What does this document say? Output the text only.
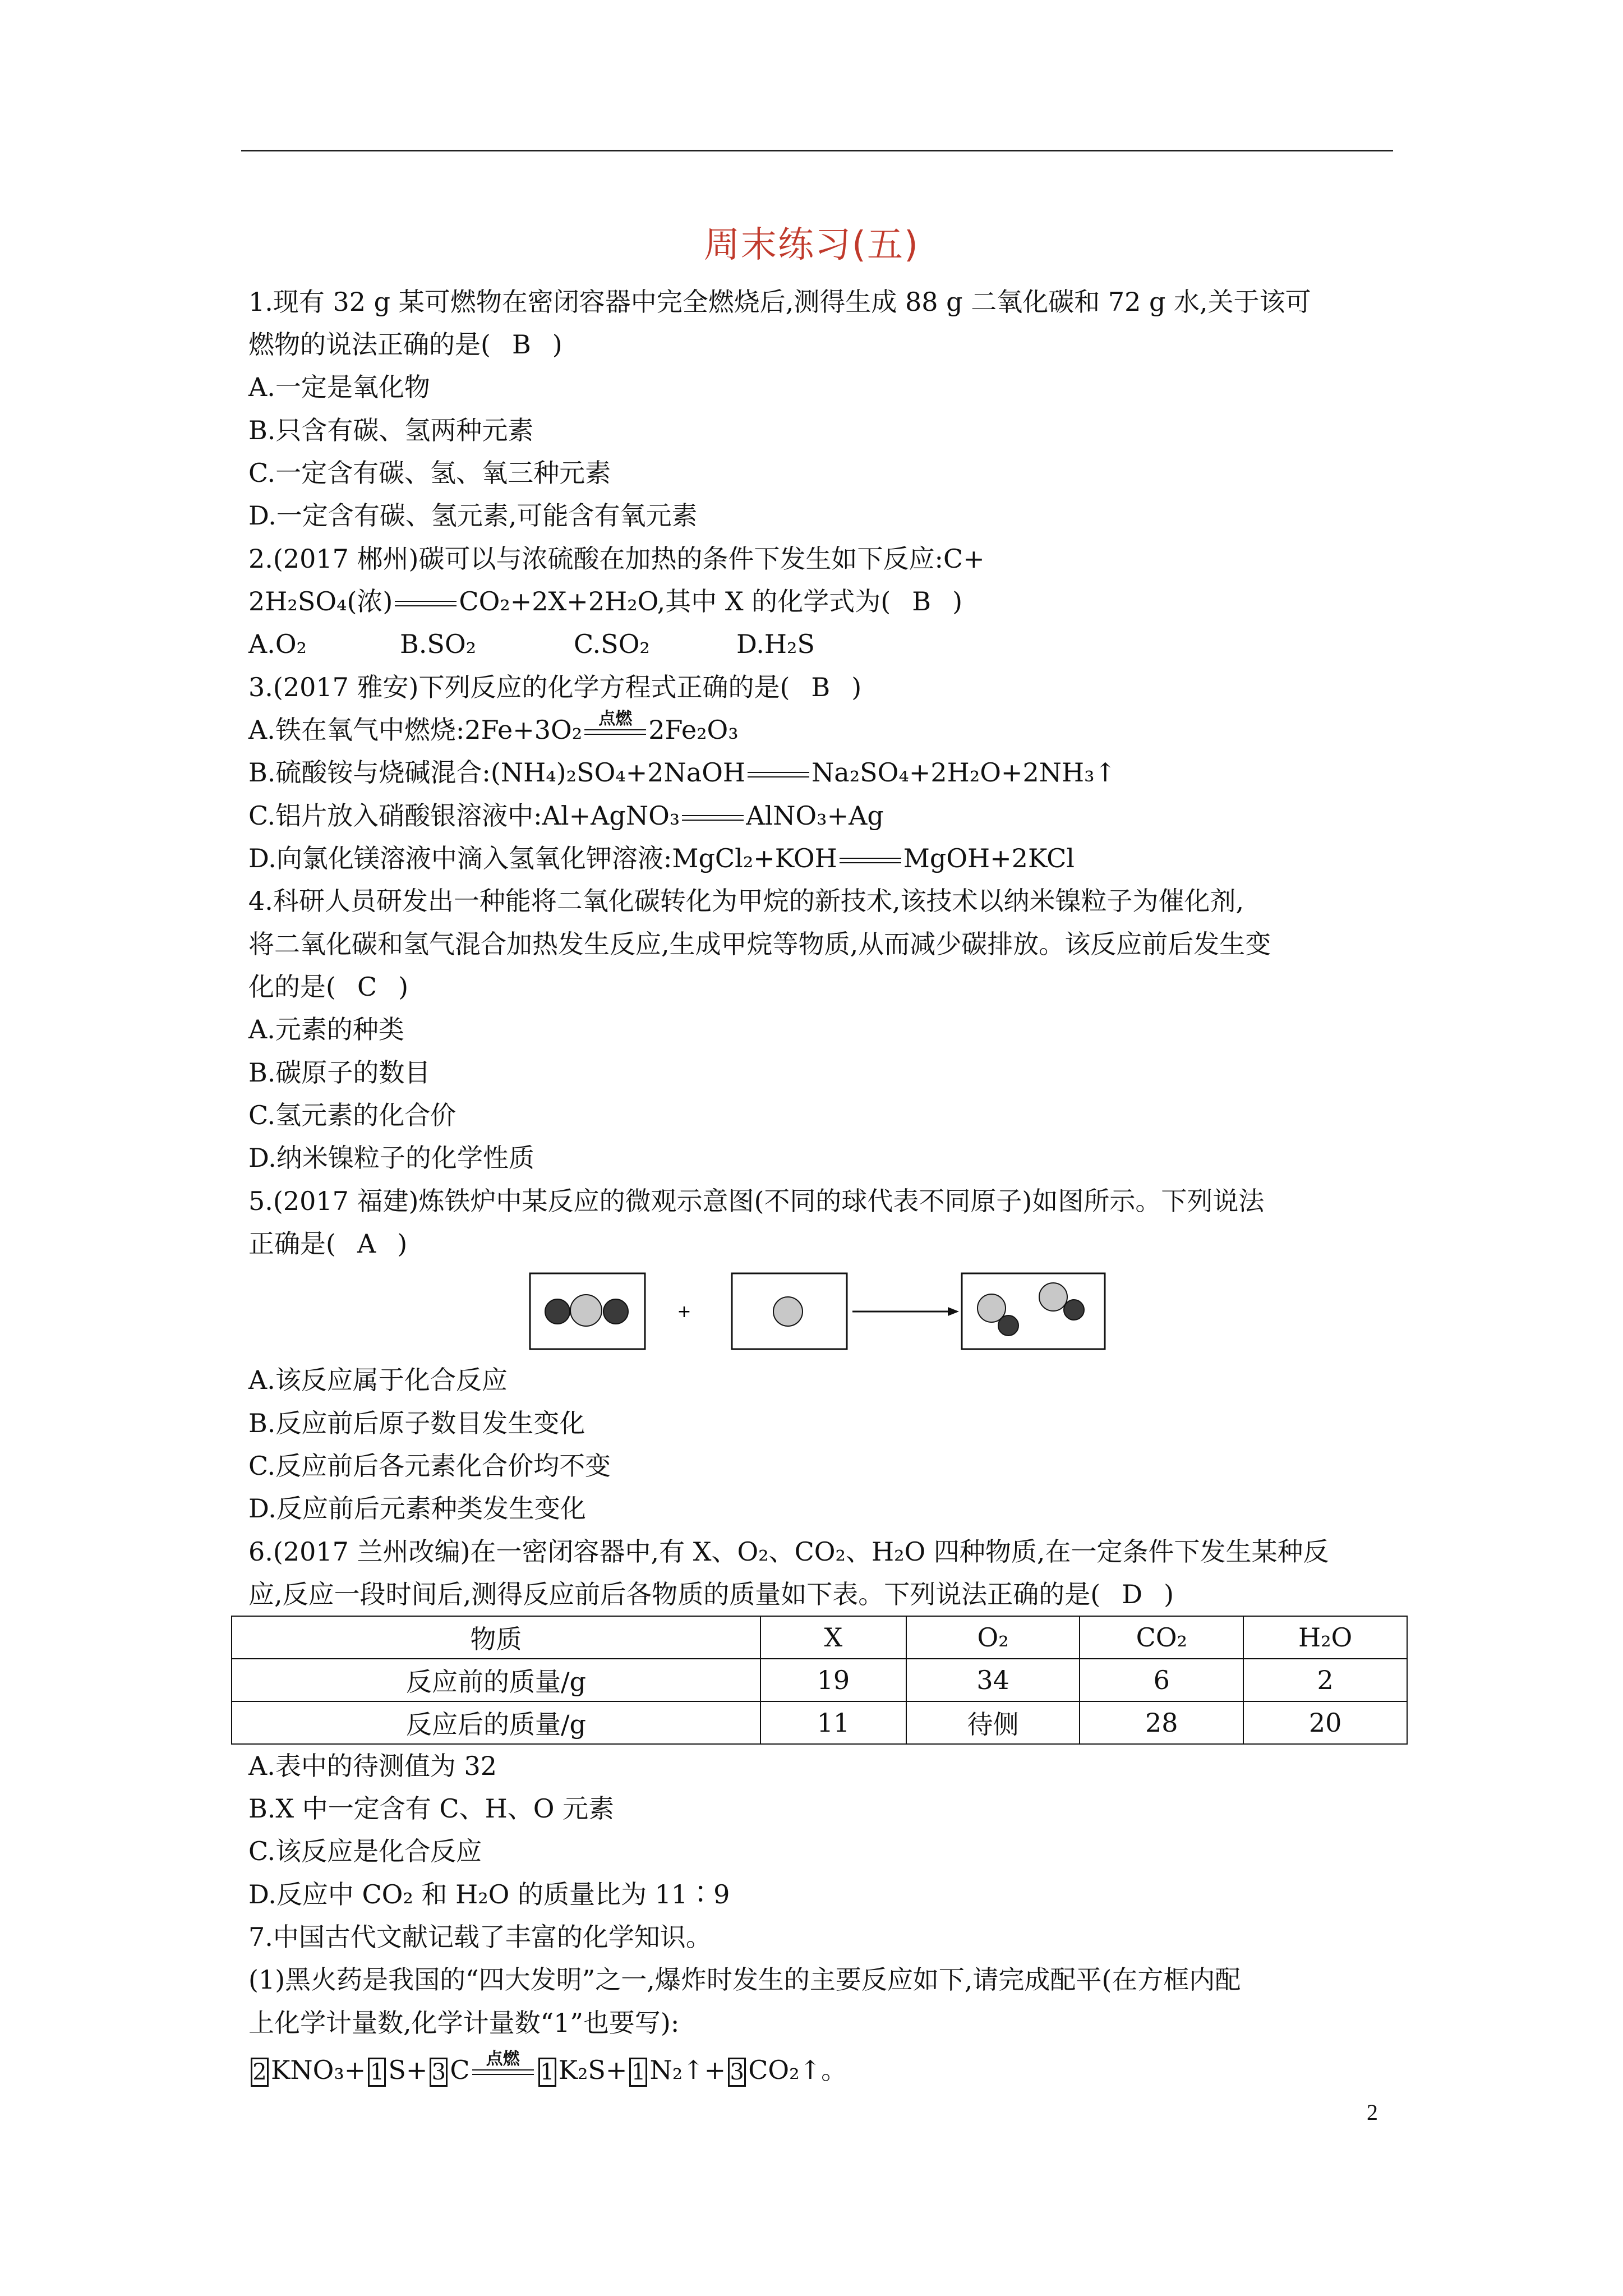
周末练习(五)
1.现有 32 g 某可燃物在密闭容器中完全燃烧后,测得生成 88 g 二氧化碳和 72 g 水,关于该可
燃物的说法正确的是( B )
A.一定是氧化物
B.只含有碳、氢两种元素
C.一定含有碳、氢、氧三种元素
D.一定含有碳、氢元素,可能含有氧元素
2.(2017 郴州)碳可以与浓硫酸在加热的条件下发生如下反应:C+
2H₂SO₄(浓)	CO₂+2X+2H₂O,其中 X 的化学式为( B )
A.O₂	B.SO₂	C.SO₂	D.H₂S
3.(2017 雅安)下列反应的化学方程式正确的是( B )
A.铁在氧气中燃烧:2Fe+3O₂ 点燃 2Fe₂O₃
B.硫酸铵与烧碱混合:(NH₄)₂SO₄+2NaOH	Na₂SO₄+2H₂O+2NH₃↑
C.铝片放入硝酸银溶液中:Al+AgNO₃	AlNO₃+Ag
D.向氯化镁溶液中滴入氢氧化钾溶液:MgCl₂+KOH	MgOH+2KCl
4.科研人员研发出一种能将二氧化碳转化为甲烷的新技术,该技术以纳米镍粒子为催化剂,
将二氧化碳和氢气混合加热发生反应,生成甲烷等物质,从而减少碳排放。该反应前后发生变
化的是( C )
A.元素的种类
B.碳原子的数目
C.氢元素的化合价
D.纳米镍粒子的化学性质
5.(2017 福建)炼铁炉中某反应的微观示意图(不同的球代表不同原子)如图所示。下列说法
正确是( A )
+
A.该反应属于化合反应
B.反应前后原子数目发生变化
C.反应前后各元素化合价均不变
D.反应前后元素种类发生变化
6.(2017 兰州改编)在一密闭容器中,有 X、O₂、CO₂、H₂O 四种物质,在一定条件下发生某种反
应,反应一段时间后,测得反应前后各物质的质量如下表。下列说法正确的是( D )
物质	X	O₂	CO₂	H₂O
反应前的质量/g	19	34	6	2
反应后的质量/g	11	待侧	28	20
A.表中的待测值为 32
B.X 中一定含有 C、H、O 元素
C.该反应是化合反应
D.反应中 CO₂ 和 H₂O 的质量比为 11∶9
7.中国古代文献记载了丰富的化学知识。
(1)黑火药是我国的“四大发明”之一,爆炸时发生的主要反应如下,请完成配平(在方框内配
上化学计量数,化学计量数“1”也要写):
2 KNO₃+ 1 S+ 3 C 点燃
1 K₂S+ 1 N₂↑+ 3 CO₂↑。
2
